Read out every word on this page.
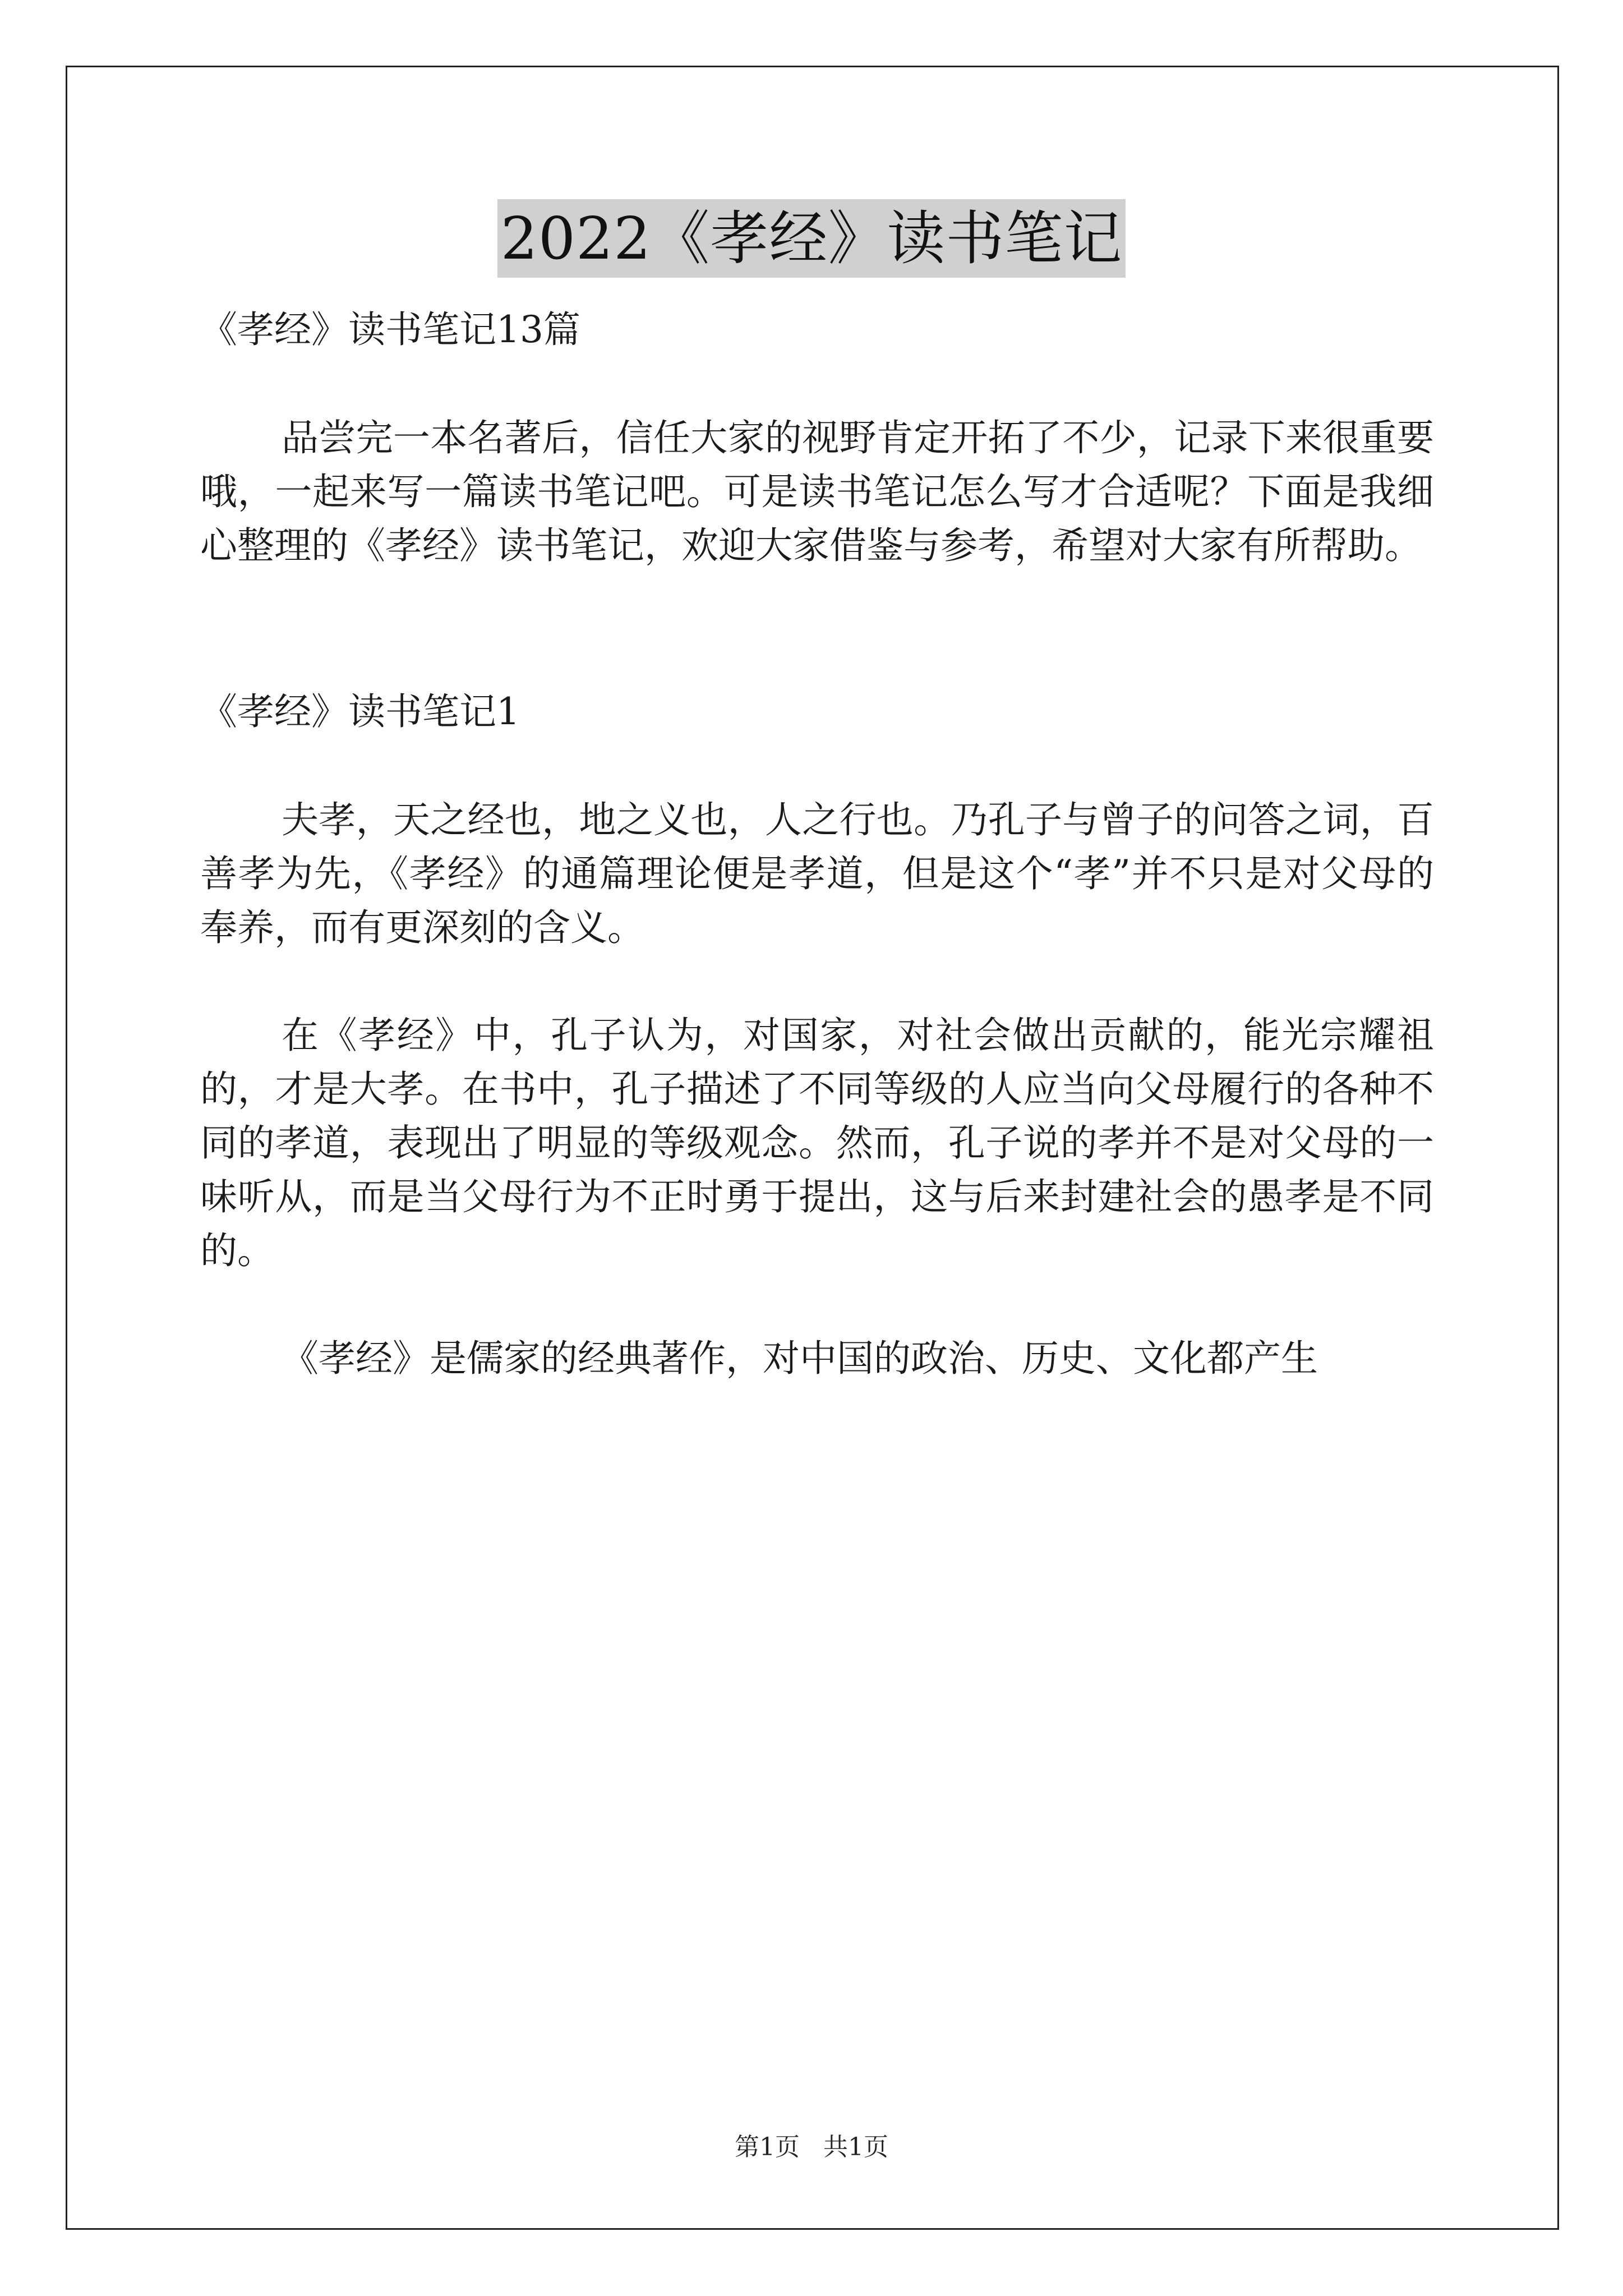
2022《孝经》读书笔记

《孝经》读书笔记13篇

品尝完一本名著后，信任大家的视野肯定开拓了不少，记录下来很重要哦，一起来写一篇读书笔记吧。可是读书笔记怎么写才合适呢？下面是我细心整理的《孝经》读书笔记，欢迎大家借鉴与参考，希望对大家有所帮助。

《孝经》读书笔记1

夫孝，天之经也，地之义也，人之行也。乃孔子与曾子的问答之词，百善孝为先，《孝经》的通篇理论便是孝道，但是这个“孝”并不只是对父母的奉养，而有更深刻的含义。

在《孝经》中，孔子认为，对国家，对社会做出贡献的，能光宗耀祖的，才是大孝。在书中，孔子描述了不同等级的人应当向父母履行的各种不同的孝道，表现出了明显的等级观念。然而，孔子说的孝并不是对父母的一味听从，而是当父母行为不正时勇于提出，这与后来封建社会的愚孝是不同的。

《孝经》是儒家的经典著作，对中国的政治、历史、文化都产生

第1页   共1页
